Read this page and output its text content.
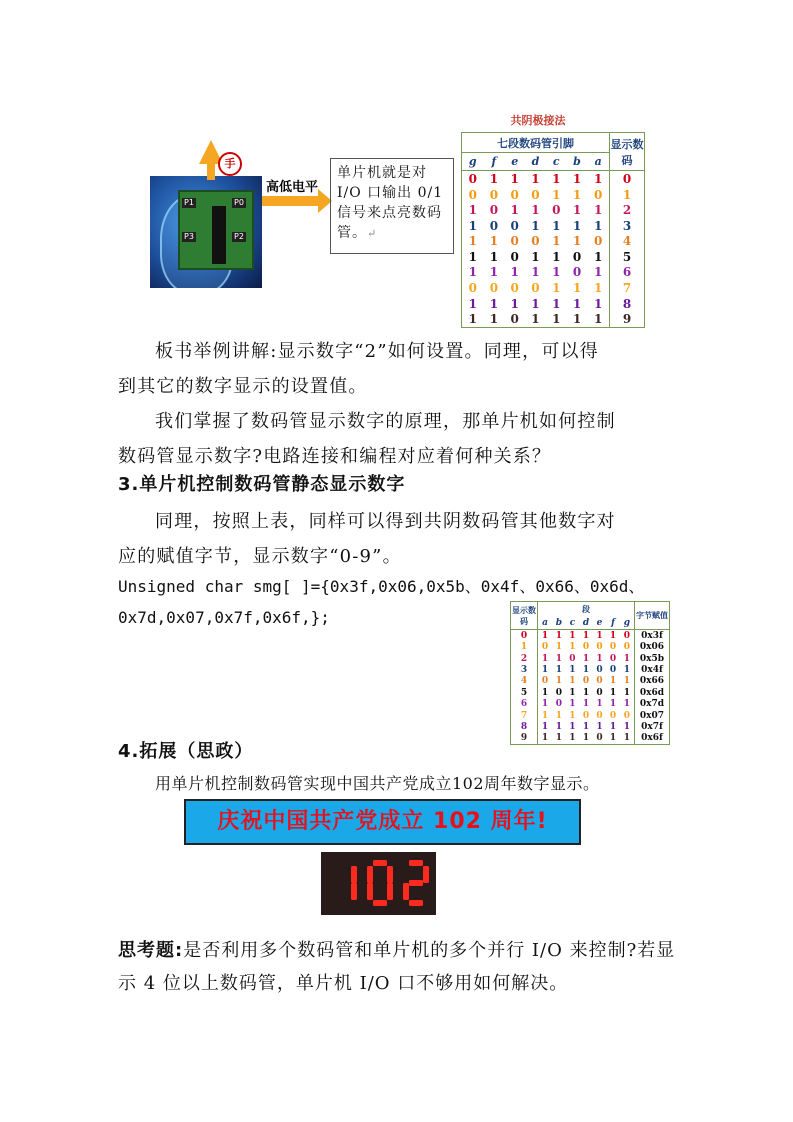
共阴极接法
P1	P0
P3	P2
手
高低电平
单片机就是对I/O 口输出 0/1信号来点亮数码管。↵
七段数码管引脚							显示数码
g	f	e	d	c	b	a	
0	1	1	1	1	1	1	0
0	0	0	0	1	1	0	1
1	0	1	1	0	1	1	2
1	0	0	1	1	1	1	3
1	1	0	0	1	1	0	4
1	1	0	1	1	0	1	5
1	1	1	1	1	0	1	6
0	0	0	0	1	1	1	7
1	1	1	1	1	1	1	8
1	1	0	1	1	1	1	9
板书举例讲解:显示数字“2”如何设置。同理，可以得
到其它的数字显示的设置值。
我们掌握了数码管显示数字的原理，那单片机如何控制
数码管显示数字?电路连接和编程对应着何种关系？
3.单片机控制数码管静态显示数字
同理，按照上表，同样可以得到共阴数码管其他数字对
应的赋值字节，显示数字“0-9”。
Unsigned char smg[ ]={0x3f,0x06,0x5b、0x4f、0x66、0x6d、
0x7d,0x07,0x7f,0x6f,};	显示数码	段							字节赋值
	a	b	c	d	e	f	g	
0	1	1	1	1	1	1	0	0x3f
1	0	1	1	0	0	0	0	0x06
2	1	1	0	1	1	0	1	0x5b
3	1	1	1	1	0	0	1	0x4f
4	0	1	1	0	0	1	1	0x66
5	1	0	1	1	0	1	1	0x6d
6	1	0	1	1	1	1	1	0x7d
7	1	1	1	0	0	0	0	0x07
8	1	1	1	1	1	1	1	0x7f
9	1	1	1	1	0	1	1	0x6f
4.拓展（思政）
用单片机控制数码管实现中国共产党成立102周年数字显示。
庆祝中国共产党成立 102 周年!
思考题:是否利用多个数码管和单片机的多个并行 I/O 来控制?若显示 4 位以上数码管，单片机 I/O 口不够用如何解决。
